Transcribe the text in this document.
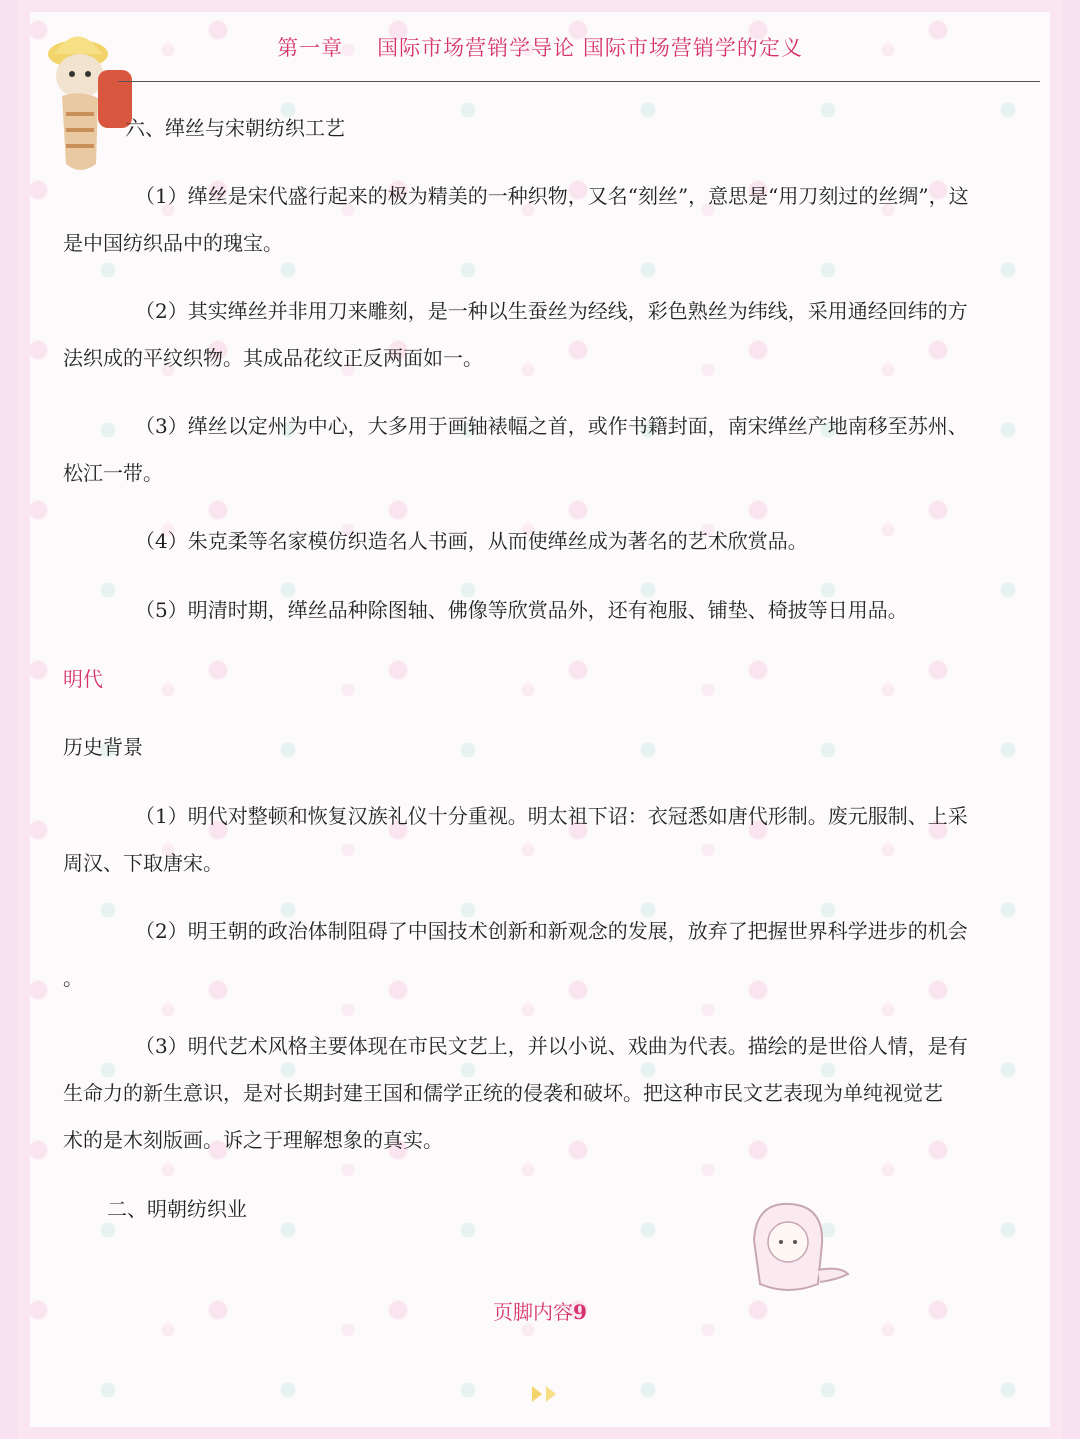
第一章 国际市场营销学导论 国际市场营销学的定义
六、缂丝与宋朝纺织工艺
（1）缂丝是宋代盛行起来的极为精美的一种织物，又名“刻丝”，意思是“用刀刻过的丝绸”，这
是中国纺织品中的瑰宝。
（2）其实缂丝并非用刀来雕刻，是一种以生蚕丝为经线，彩色熟丝为纬线，采用通经回纬的方
法织成的平纹织物。其成品花纹正反两面如一。
（3）缂丝以定州为中心，大多用于画轴裱幅之首，或作书籍封面，南宋缂丝产地南移至苏州、
松江一带。
（4）朱克柔等名家模仿织造名人书画，从而使缂丝成为著名的艺术欣赏品。
（5）明清时期，缂丝品种除图轴、佛像等欣赏品外，还有袍服、铺垫、椅披等日用品。
明代
历史背景
（1）明代对整顿和恢复汉族礼仪十分重视。明太祖下诏：衣冠悉如唐代形制。废元服制、上采
周汉、下取唐宋。
（2）明王朝的政治体制阻碍了中国技术创新和新观念的发展，放弃了把握世界科学进步的机会
。
（3）明代艺术风格主要体现在市民文艺上，并以小说、戏曲为代表。描绘的是世俗人情，是有
生命力的新生意识，是对长期封建王国和儒学正统的侵袭和破坏。把这种市民文艺表现为单纯视觉艺
术的是木刻版画。诉之于理解想象的真实。
二、明朝纺织业
页脚内容9
